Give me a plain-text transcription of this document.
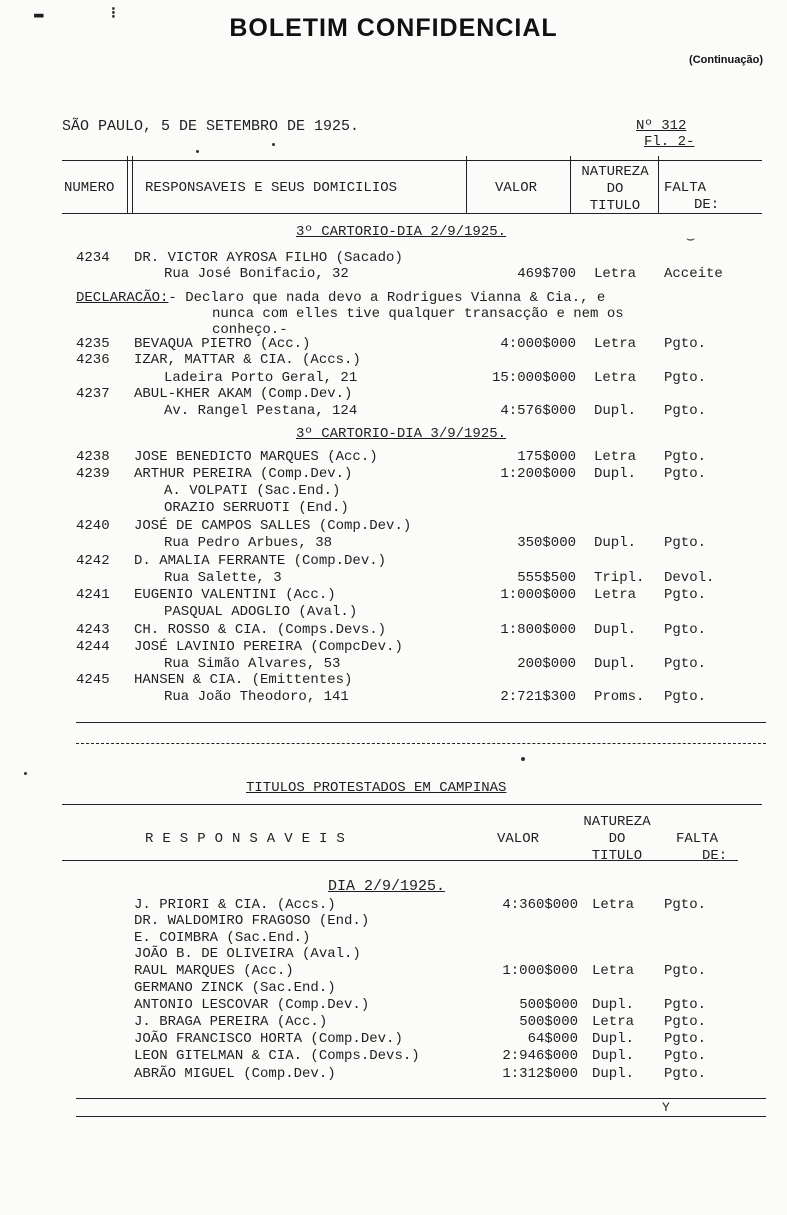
▬       ⁝	BOLETIM CONFIDENCIAL
(Continuação)
SÃO PAULO, 5 DE SETEMBRO DE 1925.	Nº 312
Fl. 2-
NUMERO RESPONSAVEIS E SEUS DOMICILIOS	VALOR
NATUREZA
DO
TITULO
FALTA
DE:
3º CARTORIO-DIA 2/9/1925.	⌣
4234 DR. VICTOR AYROSA FILHO (Sacado)
Rua José Bonifacio, 32	469$700 Letra Acceite
4235 BEVAQUA PIETRO (Acc.)	4:000$000 Letra Pgto.
4236 IZAR, MATTAR & CIA. (Accs.)
Ladeira Porto Geral, 21	15:000$000 Letra Pgto.
4237 ABUL-KHER AKAM (Comp.Dev.)
Av. Rangel Pestana, 124	4:576$000 Dupl. Pgto.
4238 JOSE BENEDICTO MARQUES (Acc.)	175$000 Letra Pgto.
4239 ARTHUR PEREIRA (Comp.Dev.)	1:200$000 Dupl. Pgto.
A. VOLPATI (Sac.End.)
ORAZIO SERRUOTI (End.)
4240 JOSÉ DE CAMPOS SALLES (Comp.Dev.)
Rua Pedro Arbues, 38	350$000 Dupl. Pgto.
4242 D. AMALIA FERRANTE (Comp.Dev.)
Rua Salette, 3	555$500 Tripl. Devol.
4241 EUGENIO VALENTINI (Acc.)	1:000$000 Letra Pgto.
PASQUAL ADOGLIO (Aval.)
4243 CH. ROSSO & CIA. (Comps.Devs.)	1:800$000 Dupl. Pgto.
4244 JOSÉ LAVINIO PEREIRA (CompcDev.)
Rua Simão Alvares, 53	200$000 Dupl. Pgto.
4245 HANSEN & CIA. (Emittentes)
Rua João Theodoro, 141	2:721$300 Proms. Pgto.
DECLARACÃO:- Declaro que nada devo a Rodrigues Vianna & Cia., e
nunca com elles tive qualquer transacção e nem os
conheço.-
3º CARTORIO-DIA 3/9/1925.
TITULOS PROTESTADOS EM CAMPINAS
RESPONSAVEIS	VALOR
NATUREZA
DO
TITULO
FALTA
DE:
DIA 2/9/1925.
J. PRIORI & CIA. (Accs.)	4:360$000 Letra Pgto.
DR. WALDOMIRO FRAGOSO (End.)
E. COIMBRA (Sac.End.)
JOÃO B. DE OLIVEIRA (Aval.)
RAUL MARQUES (Acc.)	1:000$000 Letra Pgto.
GERMANO ZINCK (Sac.End.)
ANTONIO LESCOVAR (Comp.Dev.)	500$000 Dupl. Pgto.
J. BRAGA PEREIRA (Acc.)	500$000 Letra Pgto.
JOÃO FRANCISCO HORTA (Comp.Dev.)	64$000 Dupl. Pgto.
LEON GITELMAN & CIA. (Comps.Devs.)	2:946$000 Dupl. Pgto.
ABRÃO MIGUEL (Comp.Dev.)	1:312$000 Dupl. Pgto.
Y
